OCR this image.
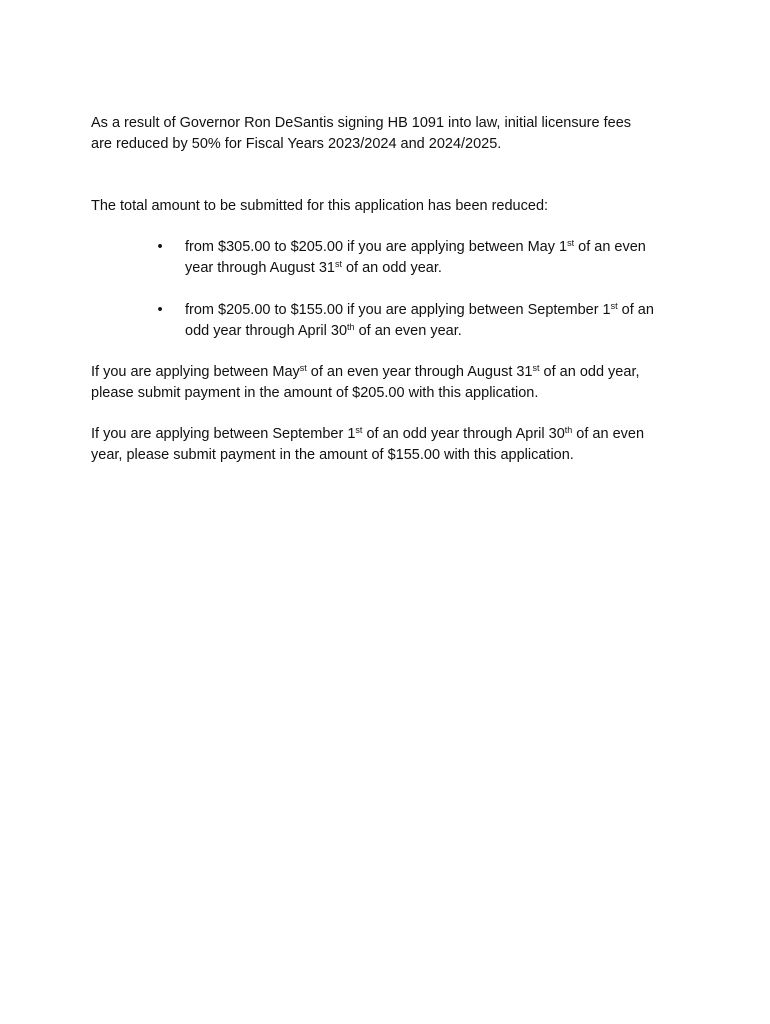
As a result of Governor Ron DeSantis signing HB 1091 into law, initial licensure fees
are reduced by 50% for Fiscal Years 2023/2024 and 2024/2025.

The total amount to be submitted for this application has been reduced:

•	from $305.00 to $205.00 if you are applying between May 1st of an even
year through August 31st of an odd year.
•	from $205.00 to $155.00 if you are applying between September 1st of an
odd year through April 30th of an even year.

If you are applying between May$^{st}$ of an even year through August 31st of an odd year,
please submit payment in the amount of $205.00 with this application.

If you are applying between September 1st of an odd year through April 30th of an even
year, please submit payment in the amount of $155.00 with this application.
